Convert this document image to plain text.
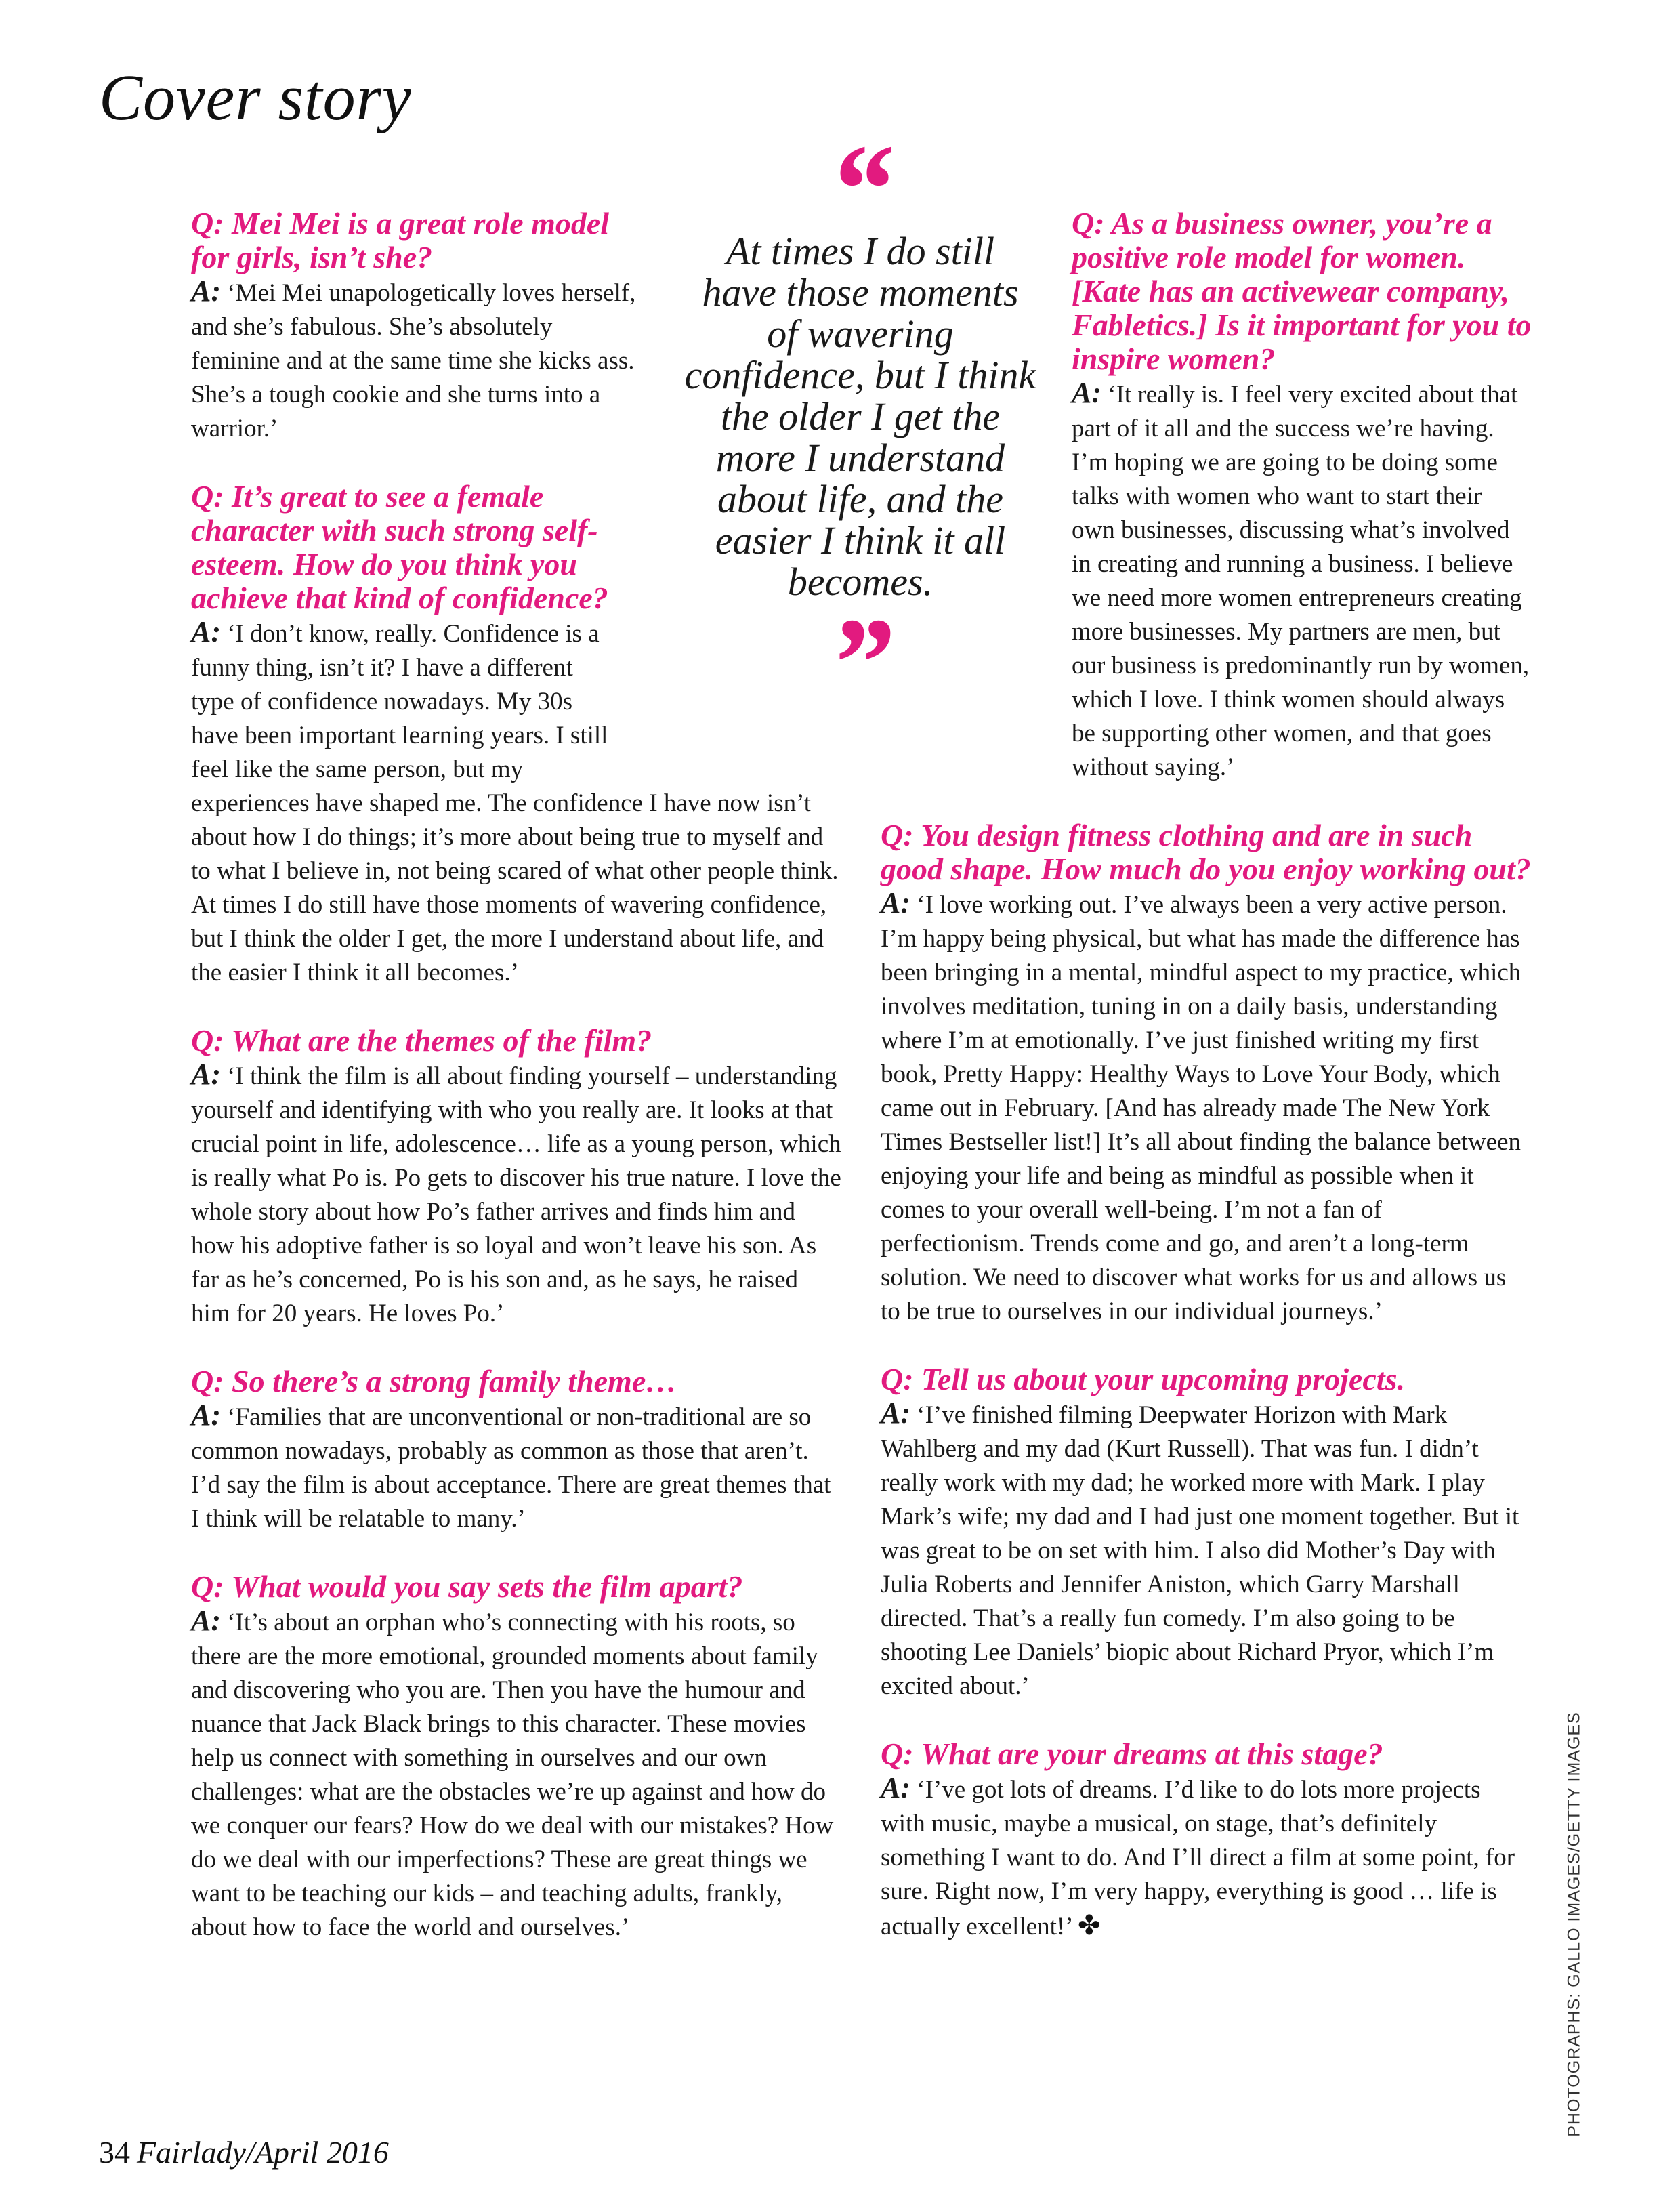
Cover story
“
At times I do still have those moments of wavering confidence, but I think the older I get the more I understand about life, and the easier I think it all becomes.
”

Q: Mei Mei is a great role model for girls, isn’t she?

A: ‘Mei Mei unapologetically loves herself, and she’s fabulous. She’s absolutely feminine and at the same time she kicks ass. She’s a tough cookie and she turns into a warrior.’

Q: It’s great to see a female character with such strong self-esteem. How do you think you achieve that kind of confidence?

A: ‘I don’t know, really. Confidence is a funny thing, isn’t it? I have a different type of confidence nowadays. My 30s have been important learning years. I still feel like the same person, but my experiences have shaped me. The confidence I have now isn’t about how I do things; it’s more about being true to myself and to what I believe in, not being scared of what other people think. At times I do still have those moments of wavering confidence, but I think the older I get, the more I understand about life, and the easier I think it all becomes.’

Q: What are the themes of the film?

A: ‘I think the film is all about finding yourself – understanding yourself and identifying with who you really are. It looks at that crucial point in life, adolescence… life as a young person, which is really what Po is. Po gets to discover his true nature. I love the whole story about how Po’s father arrives and finds him and how his adoptive father is so loyal and won’t leave his son. As far as he’s concerned, Po is his son and, as he says, he raised him for 20 years. He loves Po.’

Q: So there’s a strong family theme…

A: ‘Families that are unconventional or non-traditional are so common nowadays, probably as common as those that aren’t. I’d say the film is about acceptance. There are great themes that I think will be relatable to many.’

Q: What would you say sets the film apart?

A: ‘It’s about an orphan who’s connecting with his roots, so there are the more emotional, grounded moments about family and discovering who you are. Then you have the humour and nuance that Jack Black brings to this character. These movies help us connect with something in ourselves and our own challenges: what are the obstacles we’re up against and how do we conquer our fears? How do we deal with our mistakes? How do we deal with our imperfections? These are great things we want to be teaching our kids – and teaching adults, frankly, about how to face the world and ourselves.’

Q: As a business owner, you’re a positive role model for women. [Kate has an activewear company, Fabletics.] Is it important for you to inspire women?

A: ‘It really is. I feel very excited about that part of it all and the success we’re having. I’m hoping we are going to be doing some talks with women who want to start their own businesses, discussing what’s involved in creating and running a business. I believe we need more women entrepreneurs creating more businesses. My partners are men, but our business is predominantly run by women, which I love. I think women should always be supporting other women, and that goes without saying.’

Q: You design fitness clothing and are in such good shape. How much do you enjoy working out?

A: ‘I love working out. I’ve always been a very active person. I’m happy being physical, but what has made the difference has been bringing in a mental, mindful aspect to my practice, which involves meditation, tuning in on a daily basis, understanding where I’m at emotionally. I’ve just finished writing my first book, Pretty Happy: Healthy Ways to Love Your Body, which came out in February. [And has already made The New York Times Bestseller list!] It’s all about finding the balance between enjoying your life and being as mindful as possible when it comes to your overall well-being. I’m not a fan of perfectionism. Trends come and go, and aren’t a long-term solution. We need to discover what works for us and allows us to be true to ourselves in our individual journeys.’

Q: Tell us about your upcoming projects.

A: ‘I’ve finished filming Deepwater Horizon with Mark Wahlberg and my dad (Kurt Russell). That was fun. I didn’t really work with my dad; he worked more with Mark. I play Mark’s wife; my dad and I had just one moment together. But it was great to be on set with him. I also did Mother’s Day with Julia Roberts and Jennifer Aniston, which Garry Marshall directed. That’s a really fun comedy. I’m also going to be shooting Lee Daniels’ biopic about Richard Pryor, which I’m excited about.’

Q: What are your dreams at this stage?

A: ‘I’ve got lots of dreams. I’d like to do lots more projects with music, maybe a musical, on stage, that’s definitely something I want to do. And I’ll direct a film at some point, for sure. Right now, I’m very happy, everything is good … life is actually excellent!’ ✤	PHOTOGRAPHS: GALLO IMAGES/GETTY IMAGES
34 Fairlady/April 2016
